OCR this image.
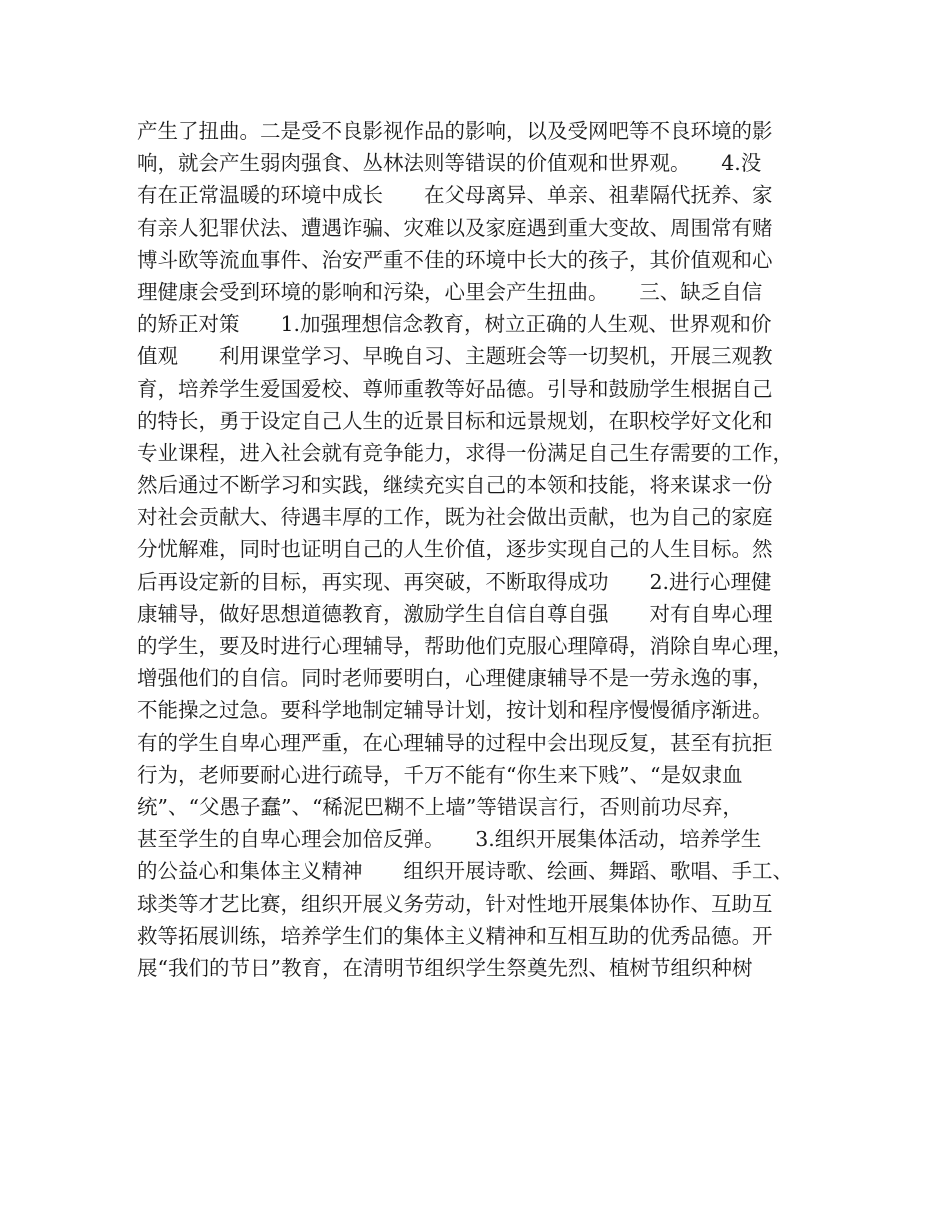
产生了扭曲。二是受不良影视作品的影响，以及受网吧等不良环境的影
响，就会产生弱肉强食、丛林法则等错误的价值观和世界观。　　4.没
有在正常温暖的环境中成长　　在父母离异、单亲、祖辈隔代抚养、家
有亲人犯罪伏法、遭遇诈骗、灾难以及家庭遇到重大变故、周围常有赌
博斗欧等流血事件、治安严重不佳的环境中长大的孩子，其价值观和心
理健康会受到环境的影响和污染，心里会产生扭曲。　　三、缺乏自信
的矫正对策　　1.加强理想信念教育，树立正确的人生观、世界观和价
值观　　利用课堂学习、早晚自习、主题班会等一切契机，开展三观教
育，培养学生爱国爱校、尊师重教等好品德。引导和鼓励学生根据自己
的特长，勇于设定自己人生的近景目标和远景规划，在职校学好文化和
专业课程，进入社会就有竞争能力，求得一份满足自己生存需要的工作，
然后通过不断学习和实践，继续充实自己的本领和技能，将来谋求一份
对社会贡献大、待遇丰厚的工作，既为社会做出贡献，也为自己的家庭
分忧解难，同时也证明自己的人生价值，逐步实现自己的人生目标。然
后再设定新的目标，再实现、再突破，不断取得成功　　2.进行心理健
康辅导，做好思想道德教育，激励学生自信自尊自强　　对有自卑心理
的学生，要及时进行心理辅导，帮助他们克服心理障碍，消除自卑心理，
增强他们的自信。同时老师要明白，心理健康辅导不是一劳永逸的事，
不能操之过急。要科学地制定辅导计划，按计划和程序慢慢循序渐进。
有的学生自卑心理严重，在心理辅导的过程中会出现反复，甚至有抗拒
行为，老师要耐心进行疏导，千万不能有“你生来下贱”、“是奴隶血
统”、“父愚子蠢”、“稀泥巴糊不上墙”等错误言行，否则前功尽弃，
甚至学生的自卑心理会加倍反弹。　　3.组织开展集体活动，培养学生
的公益心和集体主义精神　　组织开展诗歌、绘画、舞蹈、歌唱、手工、
球类等才艺比赛，组织开展义务劳动，针对性地开展集体协作、互助互
救等拓展训练，培养学生们的集体主义精神和互相互助的优秀品德。开
展“我们的节日”教育，在清明节组织学生祭奠先烈、植树节组织种树
